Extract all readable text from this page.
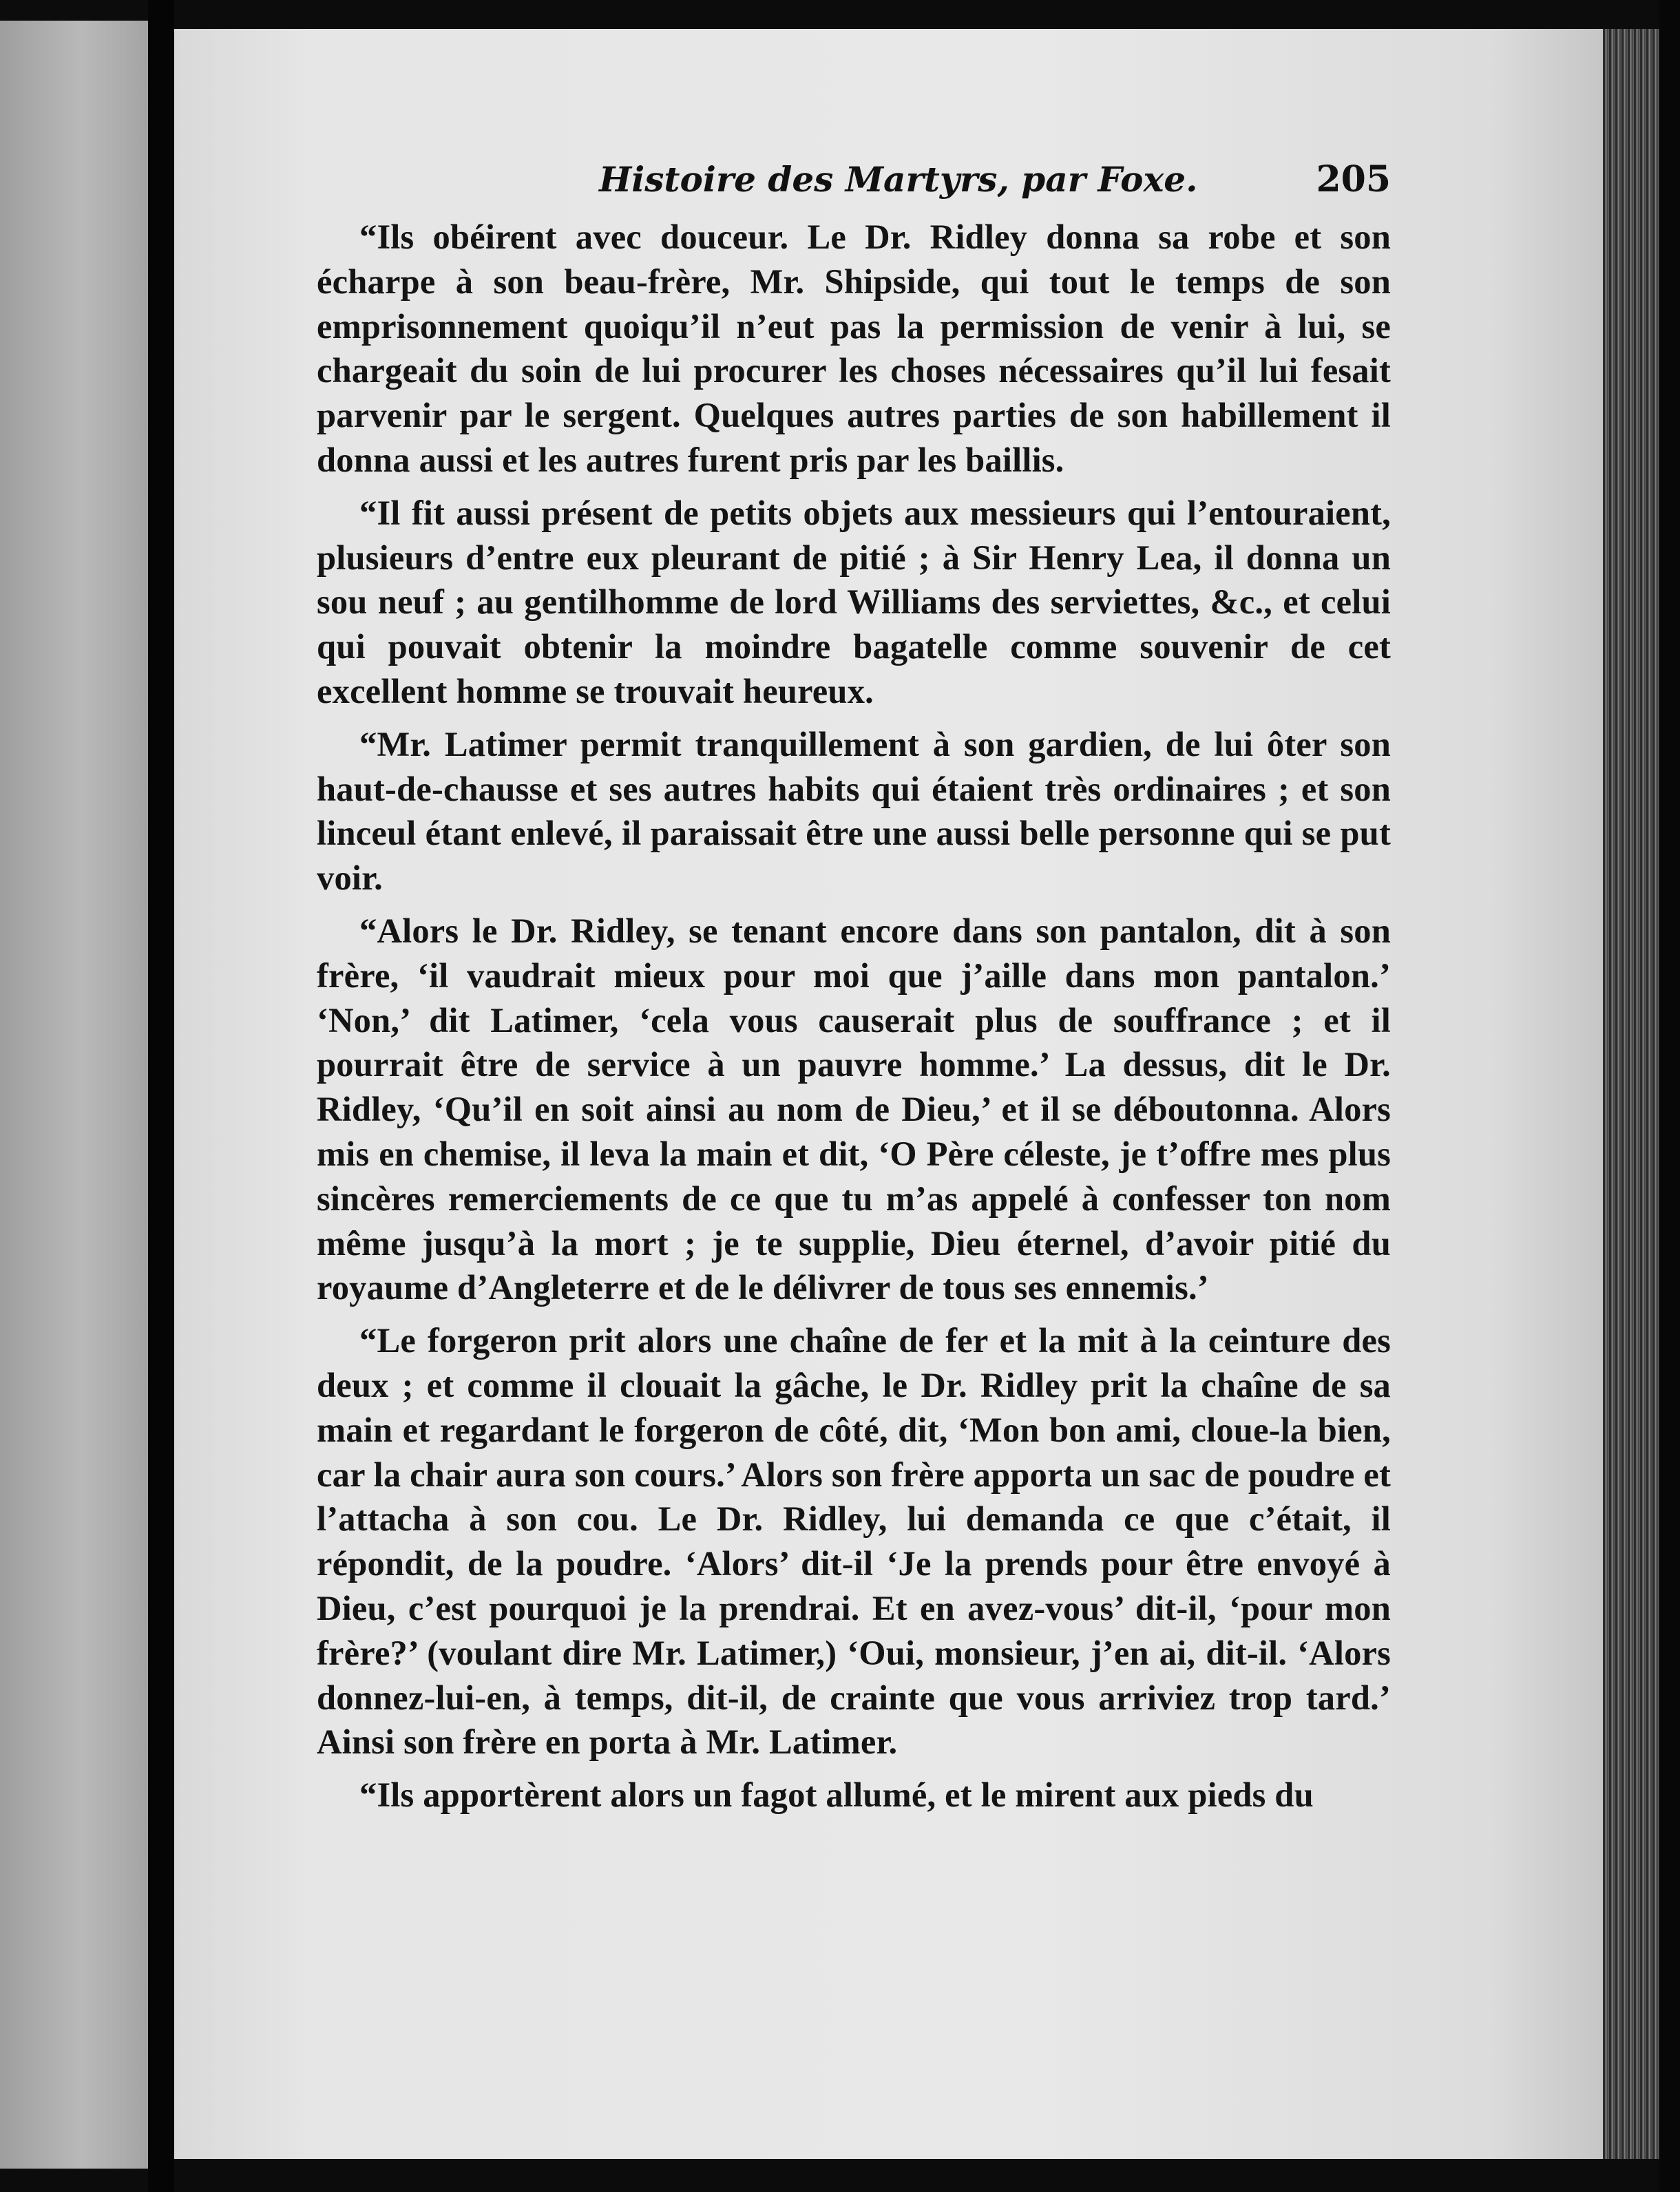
Histoire des Martyrs, par Foxe.	205

“Ils obéirent avec douceur. Le Dr. Ridley donna sa robe et son écharpe à son beau-frère, Mr. Shipside, qui tout le temps de son emprisonnement quoiqu’il n’eut pas la permission de venir à lui, se chargeait du soin de lui procurer les choses nécessaires qu’il lui fesait parvenir par le sergent. Quelques autres parties de son habillement il donna aussi et les autres furent pris par les baillis.

“Il fit aussi présent de petits objets aux messieurs qui l’entouraient, plusieurs d’entre eux pleurant de pitié ; à Sir Henry Lea, il donna un sou neuf ; au gentilhomme de lord Williams des serviettes, &c., et celui qui pouvait obtenir la moindre bagatelle comme souvenir de cet excellent homme se trouvait heureux.

“Mr. Latimer permit tranquillement à son gardien, de lui ôter son haut-de-chausse et ses autres habits qui étaient très ordinaires ; et son linceul étant enlevé, il paraissait être une aussi belle personne qui se put voir.

“Alors le Dr. Ridley, se tenant encore dans son pantalon, dit à son frère, ‘il vaudrait mieux pour moi que j’aille dans mon pantalon.’ ‘Non,’ dit Latimer, ‘cela vous causerait plus de souffrance ; et il pourrait être de service à un pauvre homme.’ La dessus, dit le Dr. Ridley, ‘Qu’il en soit ainsi au nom de Dieu,’ et il se déboutonna. Alors mis en chemise, il leva la main et dit, ‘O Père céleste, je t’offre mes plus sincères remerciements de ce que tu m’as appelé à confesser ton nom même jusqu’à la mort ; je te supplie, Dieu éternel, d’avoir pitié du royaume d’Angleterre et de le délivrer de tous ses ennemis.’

“Le forgeron prit alors une chaîne de fer et la mit à la ceinture des deux ; et comme il clouait la gâche, le Dr. Ridley prit la chaîne de sa main et regardant le forgeron de côté, dit, ‘Mon bon ami, cloue-la bien, car la chair aura son cours.’ Alors son frère apporta un sac de poudre et l’attacha à son cou. Le Dr. Ridley, lui demanda ce que c’était, il répondit, de la poudre. ‘Alors’ dit-il ‘Je la prends pour être envoyé à Dieu, c’est pourquoi je la prendrai. Et en avez-vous’ dit-il, ‘pour mon frère?’ (voulant dire Mr. Latimer,) ‘Oui, monsieur, j’en ai, dit-il. ‘Alors donnez-lui-en, à temps, dit-il, de crainte que vous arriviez trop tard.’ Ainsi son frère en porta à Mr. Latimer.

“Ils apportèrent alors un fagot allumé, et le mirent aux pieds du
